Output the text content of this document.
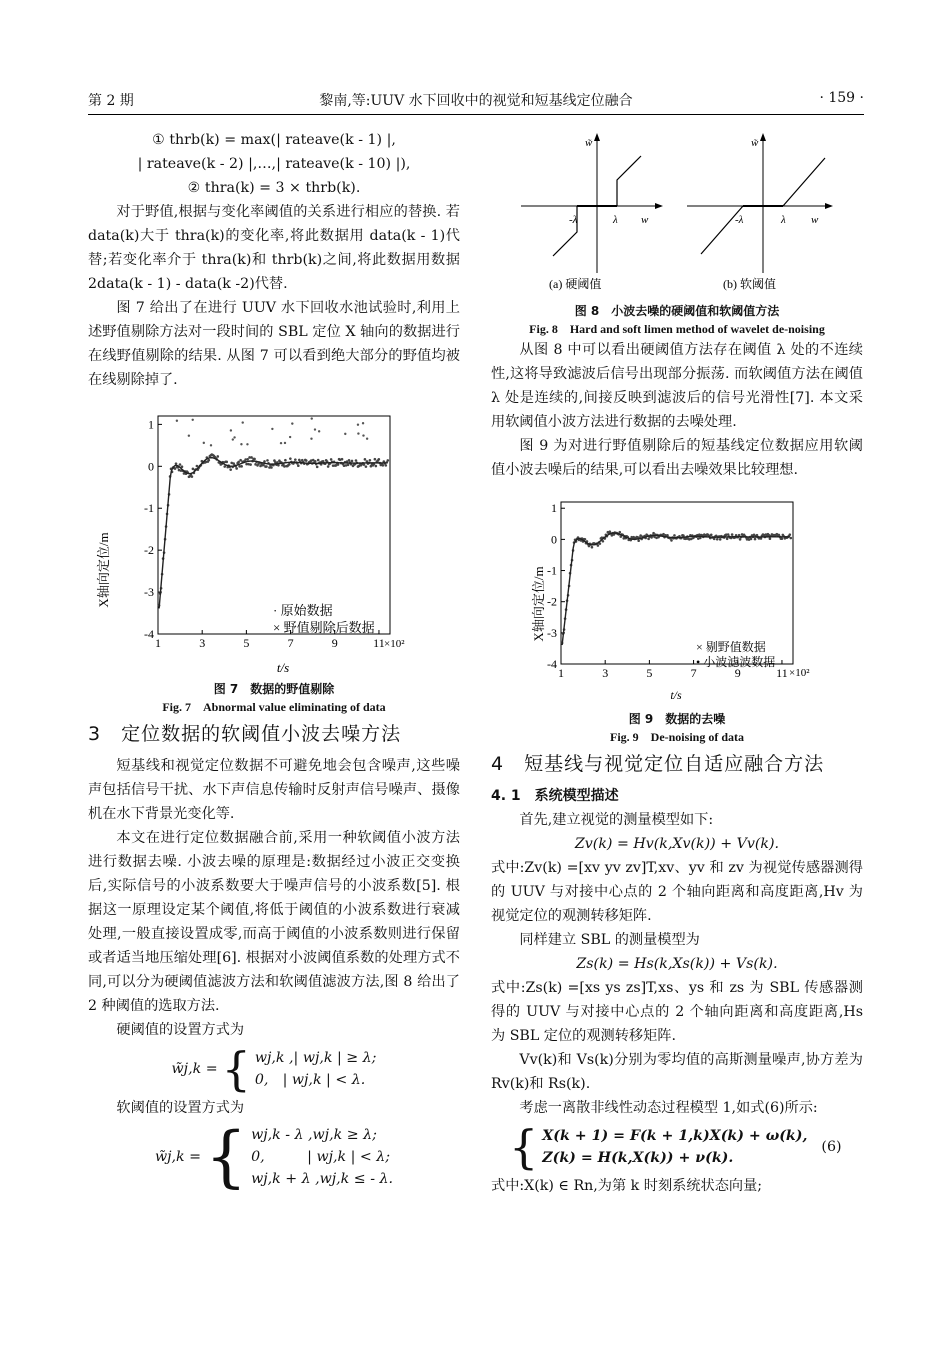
第 2 期	黎南,等:UUV 水下回收中的视觉和短基线定位融合	· 159 ·

① thrb(k) = max(| rateave(k - 1) |,

| rateave(k - 2) |,…,| rateave(k - 10) |),

② thra(k) = 3 × thrb(k).

对于野值,根据与变化率阈值的关系进行相应的替换. 若 data(k)大于 thra(k)的变化率,将此数据用 data(k - 1)代替;若变化率介于 thra(k)和 thrb(k)之间,将此数据用数据 2data(k - 1) - data(k -2)代替.

图 7 给出了在进行 UUV 水下回收水池试验时,利用上述野值剔除方法对一段时间的 SBL 定位 X 轴向的数据进行在线野值剔除的结果. 从图 7 可以看到绝大部分的野值均被在线剔除掉了.

X轴向定位/m
t/s
×10²
· 原始数据
× 野值剔除后数据
1
0
-1
-2
-3
-4
1	3	5	7	9	11

图 7　数据的野值剔除

Fig. 7　Abnormal value eliminating of data

3　定位数据的软阈值小波去噪方法

短基线和视觉定位数据不可避免地会包含噪声,这些噪声包括信号干扰、水下声信息传输时反射声信号噪声、摄像机在水下背景光变化等.

本文在进行定位数据融合前,采用一种软阈值小波方法进行数据去噪. 小波去噪的原理是:数据经过小波正交变换后,实际信号的小波系数要大于噪声信号的小波系数[5]. 根据这一原理设定某个阈值,将低于阈值的小波系数进行衰减处理,一般直接设置成零,而高于阈值的小波系数则进行保留或者适当地压缩处理[6]. 根据对小波阈值系数的处理方式不同,可以分为硬阈值滤波方法和软阈值滤波方法,图 8 给出了 2 种阈值的选取方法.

硬阈值的设置方式为

w̃j,k = { wj,k ,| wj,k | ≥ λ;
0,　| wj,k | < λ.

软阈值的设置方式为

w̃j,k = { wj,k - λ ,wj,k ≥ λ;
0,　　　| wj,k | < λ;
wj,k + λ ,wj,k ≤ - λ.
w̃
w
λ
-λ
(a) 硬阈值
w̃
w
λ
-λ
(b) 软阈值

图 8　小波去噪的硬阈值和软阈值方法

Fig. 8　Hard and soft limen method of wavelet de-noising

从图 8 中可以看出硬阈值方法存在阈值 λ 处的不连续性,这将导致滤波后信号出现部分振荡. 而软阈值方法在阈值 λ 处是连续的,间接反映到滤波后的信号光滑性[7]. 本文采用软阈值小波方法进行数据的去噪处理.

图 9 为对进行野值剔除后的短基线定位数据应用软阈值小波去噪后的结果,可以看出去噪效果比较理想.

X轴向定位/m
t/s
×10²
× 剔野值数据
• 小波滤波数据
1
0
-1
-2
-3
-4
1	3	5	7	9	11

图 9　数据的去噪

Fig. 9　De-noising of data

4　短基线与视觉定位自适应融合方法

4. 1　系统模型描述

首先,建立视觉的测量模型如下:

Zv(k) = Hv(k,Xv(k)) + Vv(k).

式中:Zv(k) =[xv yv zv]T,xv、yv 和 zv 为视觉传感器测得的 UUV 与对接中心点的 2 个轴向距离和高度距离,Hv 为视觉定位的观测转移矩阵.

同样建立 SBL 的测量模型为

Zs(k) = Hs(k,Xs(k)) + Vs(k).

式中:Zs(k) =[xs ys zs]T,xs、ys 和 zs 为 SBL 传感器测得的 UUV 与对接中心点的 2 个轴向距离和高度距离,Hs 为 SBL 定位的观测转移矩阵.

Vv(k)和 Vs(k)分别为零均值的高斯测量噪声,协方差为 Rv(k)和 Rs(k).

考虑一离散非线性动态过程模型 1,如式(6)所示:

{ X(k + 1) = F(k + 1,k)X(k) + ω(k),
Z(k) = H(k,X(k)) + ν(k).
(6)

式中:X(k) ∈ Rn,为第 k 时刻系统状态向量;
